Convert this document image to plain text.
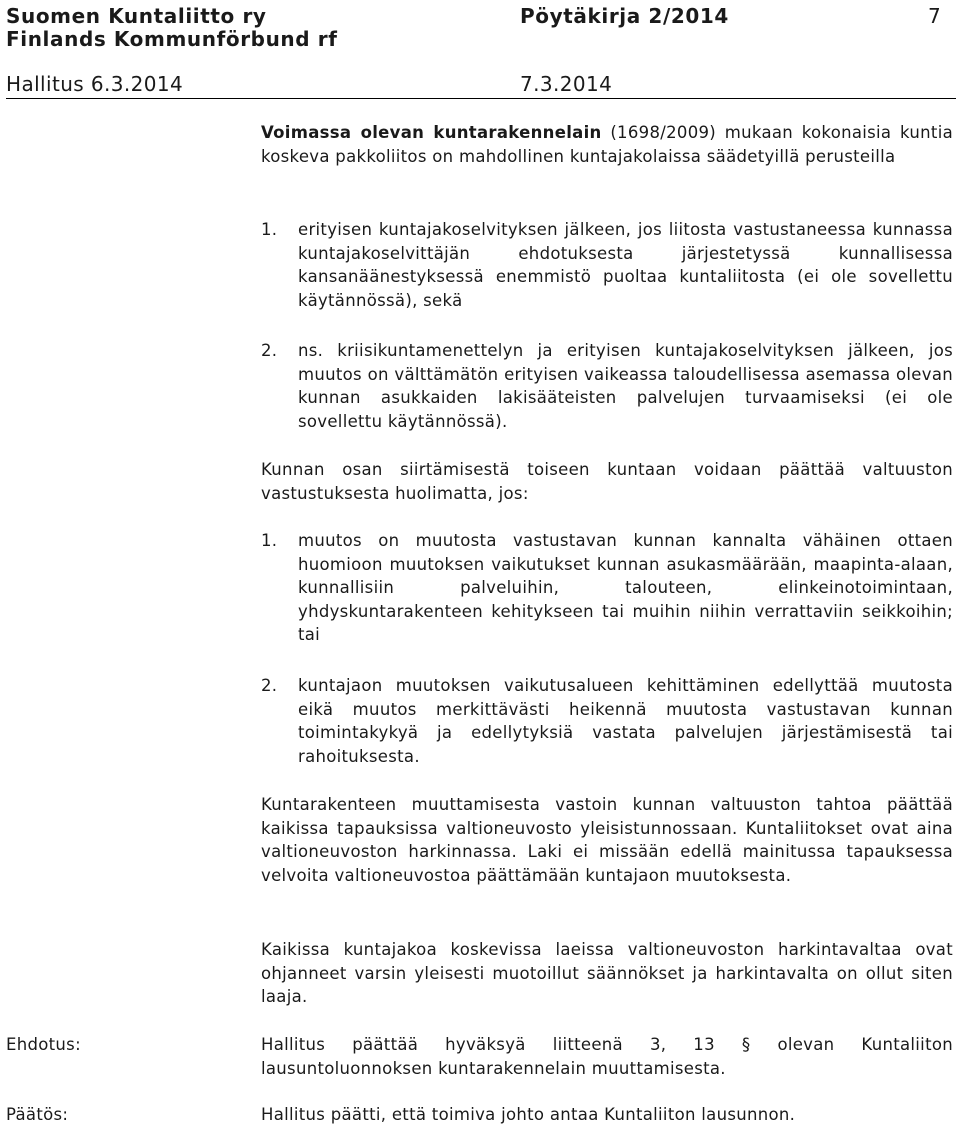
Suomen Kuntaliitto ry
Finlands Kommunförbund rf
Pöytäkirja 2/2014	7
Hallitus 6.3.2014	7.3.2014

Voimassa olevan kuntarakennelain (1698/2009) mukaan kokonaisia kuntia koskeva pakkoliitos on mahdollinen kuntajakolaissa säädetyillä perusteilla

1. erityisen kuntajakoselvityksen jälkeen, jos liitosta vastustaneessa kunnassa kuntajakoselvittäjän ehdotuksesta järjestetyssä kunnallisessa kansanäänestyksessä enemmistö puoltaa kuntaliitosta (ei ole sovellettu käytännössä), sekä
2. ns. kriisikuntamenettelyn ja erityisen kuntajakoselvityksen jälkeen, jos muutos on välttämätön erityisen vaikeassa taloudellisessa asemassa olevan kunnan asukkaiden lakisääteisten palvelujen turvaamiseksi (ei ole sovellettu käytännössä).

Kunnan osan siirtämisestä toiseen kuntaan voidaan päättää valtuuston vastustuksesta huolimatta, jos:

1. muutos on muutosta vastustavan kunnan kannalta vähäinen ottaen huomioon muutoksen vaikutukset kunnan asukasmäärään, maapinta-alaan, kunnallisiin palveluihin, talouteen, elinkeinotoimintaan, yhdyskuntarakenteen kehitykseen tai muihin niihin verrattaviin seikkoihin; tai
2. kuntajaon muutoksen vaikutusalueen kehittäminen edellyttää muutosta eikä muutos merkittävästi heikennä muutosta vastustavan kunnan toimintakykyä ja edellytyksiä vastata palvelujen järjestämisestä tai rahoituksesta.

Kuntarakenteen muuttamisesta vastoin kunnan valtuuston tahtoa päättää kaikissa tapauksissa valtioneuvosto yleisistunnossaan. Kuntaliitokset ovat aina valtioneuvoston harkinnassa. Laki ei missään edellä mainitussa tapauksessa velvoita valtioneuvostoa päättämään kuntajaon muutoksesta.

Kaikissa kuntajakoa koskevissa laeissa valtioneuvoston harkintavaltaa ovat ohjanneet varsin yleisesti muotoillut säännökset ja harkintavalta on ollut siten laaja.

Ehdotus:	Hallitus päättää hyväksyä liitteenä 3, 13 § olevan Kuntaliiton lausuntoluonnoksen kuntarakennelain muuttamisesta.

Päätös:	Hallitus päätti, että toimiva johto antaa Kuntaliiton lausunnon.
